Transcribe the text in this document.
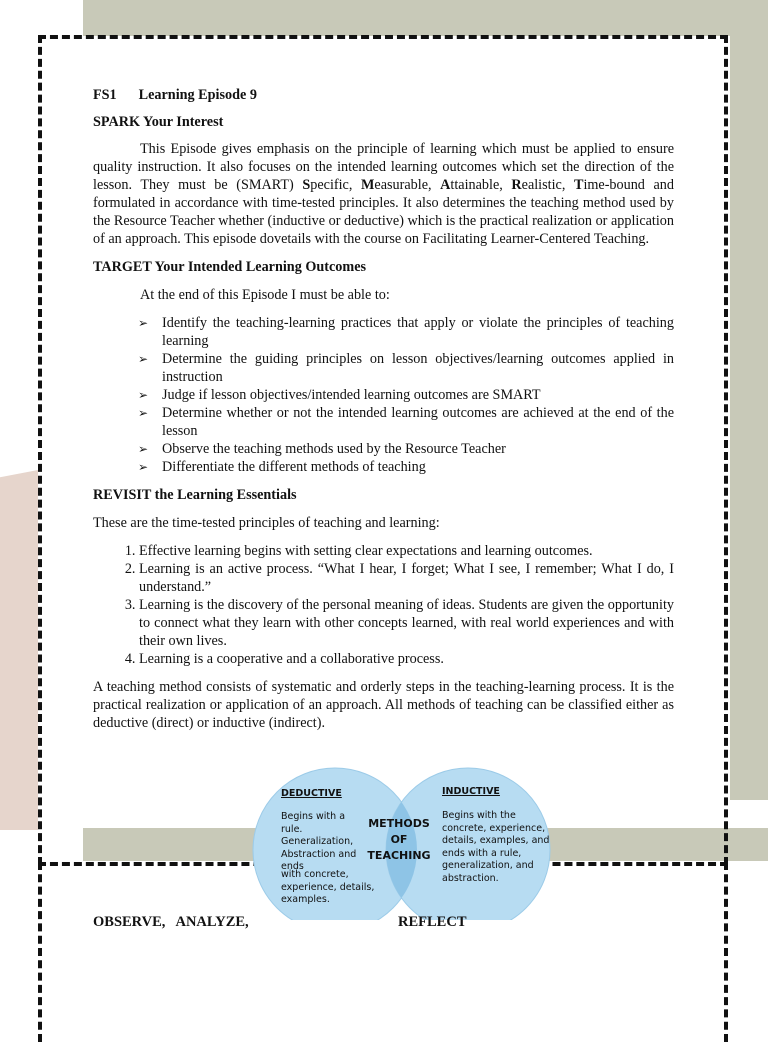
FS1 Learning Episode 9

SPARK Your Interest

This Episode gives emphasis on the principle of learning which must be applied to ensure quality instruction. It also focuses on the intended learning outcomes which set the direction of the lesson. They must be (SMART) Specific, Measurable, Attainable, Realistic, Time-bound and formulated in accordance with time-tested principles. It also determines the teaching method used by the Resource Teacher whether (inductive or deductive) which is the practical realization or application of an approach. This episode dovetails with the course on Facilitating Learner-Centered Teaching.

TARGET Your Intended Learning Outcomes

At the end of this Episode I must be able to:

➢ Identify the teaching-learning practices that apply or violate the principles of teaching learning
➢ Determine the guiding principles on lesson objectives/learning outcomes applied in instruction
➢ Judge if lesson objectives/intended learning outcomes are SMART
➢ Determine whether or not the intended learning outcomes are achieved at the end of the lesson
➢ Observe the teaching methods used by the Resource Teacher
➢ Differentiate the different methods of teaching

REVISIT the Learning Essentials

These are the time-tested principles of teaching and learning:

1. Effective learning begins with setting clear expectations and learning outcomes.
2. Learning is an active process. “What I hear, I forget; What I see, I remember; What I do, I understand.”
3. Learning is the discovery of the personal meaning of ideas. Students are given the opportunity to connect what they learn with other concepts learned, with real world experiences and with their own lives.
4. Learning is a cooperative and a collaborative process.

A teaching method consists of systematic and orderly steps in the teaching-learning process. It is the practical realization or application of an approach. All methods of teaching can be classified either as deductive (direct) or inductive (indirect).

DEDUCTIVE
Begins with a rule. Generalization, Abstraction and ends
with concrete, experience, details, examples.
INDUCTIVE
Begins with the concrete, experience, details, examples, and ends with a rule, generalization, and abstraction.
METHODS
OF
TEACHING
OBSERVE,   ANALYZE,	REFLECT
